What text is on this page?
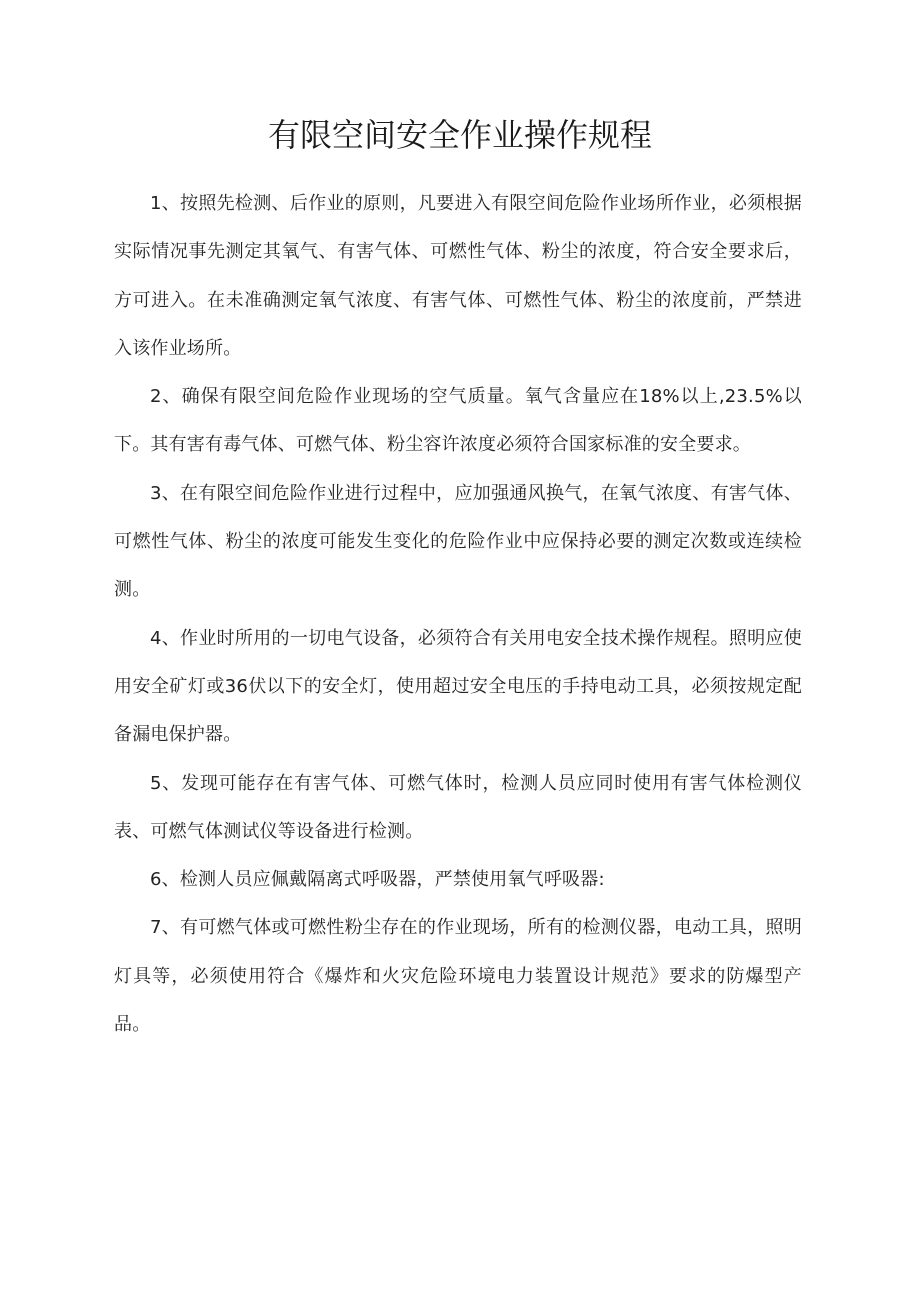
有限空间安全作业操作规程

1、按照先检测、后作业的原则，凡要进入有限空间危险作业场所作业，必须根据实际情况事先测定其氧气、有害气体、可燃性气体、粉尘的浓度，符合安全要求后，方可进入。在未准确测定氧气浓度、有害气体、可燃性气体、粉尘的浓度前，严禁进入该作业场所。

2、确保有限空间危险作业现场的空气质量。氧气含量应在18%以上,23.5%以下。其有害有毒气体、可燃气体、粉尘容许浓度必须符合国家标准的安全要求。

3、在有限空间危险作业进行过程中，应加强通风换气，在氧气浓度、有害气体、可燃性气体、粉尘的浓度可能发生变化的危险作业中应保持必要的测定次数或连续检测。

4、作业时所用的一切电气设备，必须符合有关用电安全技术操作规程。照明应使用安全矿灯或36伏以下的安全灯，使用超过安全电压的手持电动工具，必须按规定配备漏电保护器。

5、发现可能存在有害气体、可燃气体时，检测人员应同时使用有害气体检测仪表、可燃气体测试仪等设备进行检测。

6、检测人员应佩戴隔离式呼吸器，严禁使用氧气呼吸器:

7、有可燃气体或可燃性粉尘存在的作业现场，所有的检测仪器，电动工具，照明灯具等，必须使用符合《爆炸和火灾危险环境电力装置设计规范》要求的防爆型产品。
